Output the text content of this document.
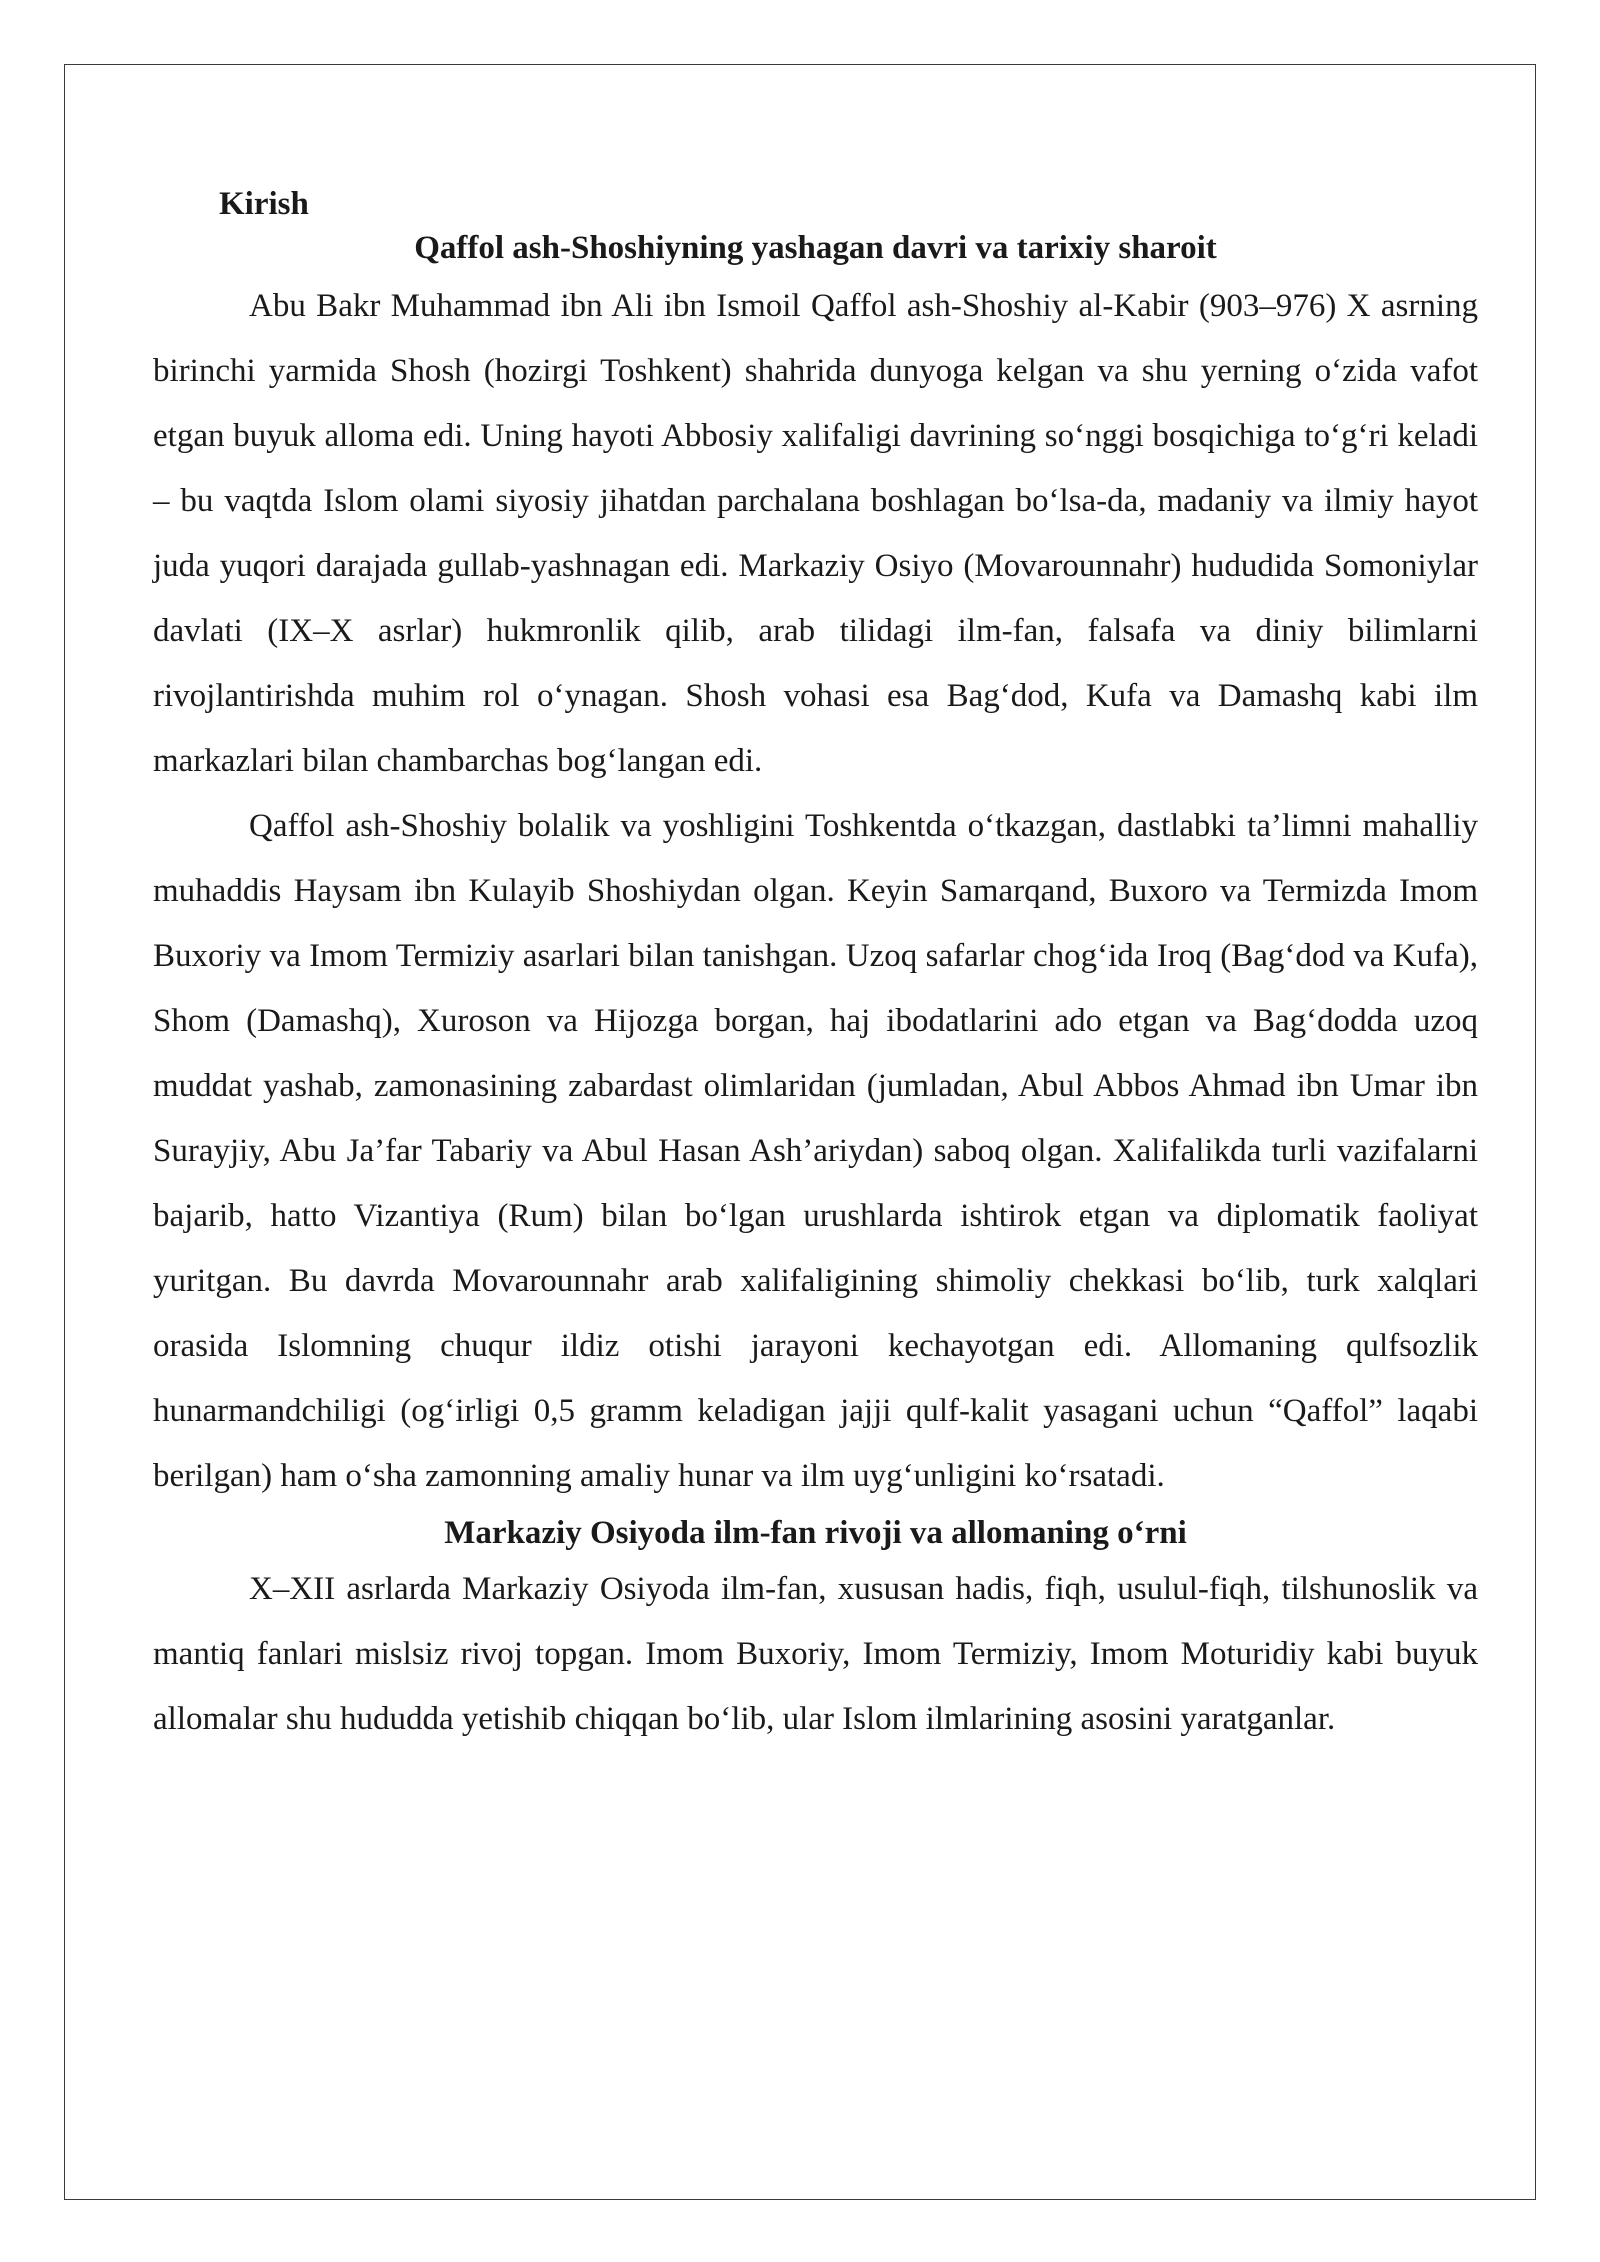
Kirish
Qaffol ash-Shoshiyning yashagan davri va tarixiy sharoit

Abu Bakr Muhammad ibn Ali ibn Ismoil Qaffol ash-Shoshiy al-Kabir (903–976) X asrning birinchi yarmida Shosh (hozirgi Toshkent) shahrida dunyoga kelgan va shu yerning o‘zida vafot etgan buyuk alloma edi. Uning hayoti Abbosiy xalifaligi davrining so‘nggi bosqichiga to‘g‘ri keladi – bu vaqtda Islom olami siyosiy jihatdan parchalana boshlagan bo‘lsa-da, madaniy va ilmiy hayot juda yuqori darajada gullab-yashnagan edi. Markaziy Osiyo (Movarounnahr) hududida Somoniylar davlati (IX–X asrlar) hukmronlik qilib, arab tilidagi ilm-fan, falsafa va diniy bilimlarni rivojlantirishda muhim rol o‘ynagan. Shosh vohasi esa Bag‘dod, Kufa va Damashq kabi ilm markazlari bilan chambarchas bog‘langan edi.

Qaffol ash-Shoshiy bolalik va yoshligini Toshkentda o‘tkazgan, dastlabki ta’limni mahalliy muhaddis Haysam ibn Kulayib Shoshiydan olgan. Keyin Samarqand, Buxoro va Termizda Imom Buxoriy va Imom Termiziy asarlari bilan tanishgan. Uzoq safarlar chog‘ida Iroq (Bag‘dod va Kufa), Shom (Damashq), Xuroson va Hijozga borgan, haj ibodatlarini ado etgan va Bag‘dodda uzoq muddat yashab, zamonasining zabardast olimlaridan (jumladan, Abul Abbos Ahmad ibn Umar ibn Surayjiy, Abu Ja’far Tabariy va Abul Hasan Ash’ariydan) saboq olgan. Xalifalikda turli vazifalarni bajarib, hatto Vizantiya (Rum) bilan bo‘lgan urushlarda ishtirok etgan va diplomatik faoliyat yuritgan. Bu davrda Movarounnahr arab xalifaligining shimoliy chekkasi bo‘lib, turk xalqlari orasida Islomning chuqur ildiz otishi jarayoni kechayotgan edi. Allomaning qulfsozlik hunarmandchiligi (og‘irligi 0,5 gramm keladigan jajji qulf-kalit yasagani uchun “Qaffol” laqabi berilgan) ham o‘sha zamonning amaliy hunar va ilm uyg‘unligini ko‘rsatadi.

Markaziy Osiyoda ilm-fan rivoji va allomaning o‘rni

X–XII asrlarda Markaziy Osiyoda ilm-fan, xususan hadis, fiqh, usulul-fiqh, tilshunoslik va mantiq fanlari mislsiz rivoj topgan. Imom Buxoriy, Imom Termiziy, Imom Moturidiy kabi buyuk allomalar shu hududda yetishib chiqqan bo‘lib, ular Islom ilmlarining asosini yaratganlar.
